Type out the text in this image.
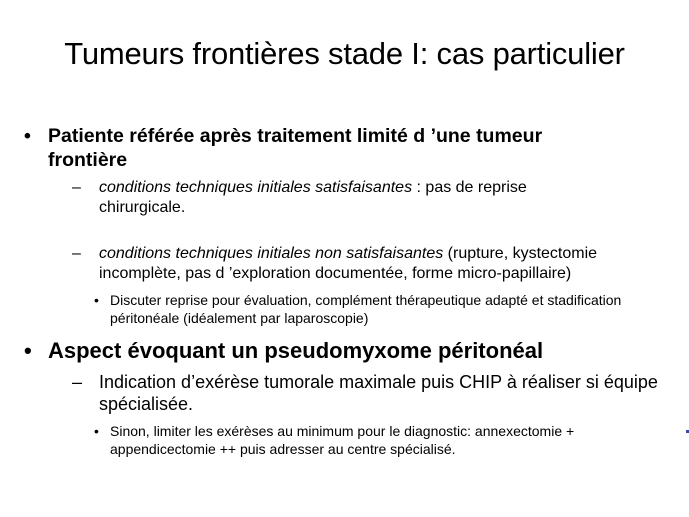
Tumeurs frontières stade I: cas particulier
• Patiente référée après traitement limité d ’une tumeur frontière
– conditions techniques initiales satisfaisantes : pas de reprise chirurgicale.
– conditions techniques initiales non satisfaisantes (rupture, kystectomie incomplète, pas d ’exploration documentée, forme micro-papillaire)
• Discuter reprise pour évaluation, complément thérapeutique adapté et stadification péritonéale (idéalement par laparoscopie)
• Aspect évoquant un pseudomyxome péritonéal
– Indication d’exérèse tumorale maximale puis CHIP à réaliser si équipe spécialisée.
• Sinon, limiter les exérèses au minimum pour le diagnostic: annexectomie + appendicectomie ++ puis adresser au centre spécialisé.
